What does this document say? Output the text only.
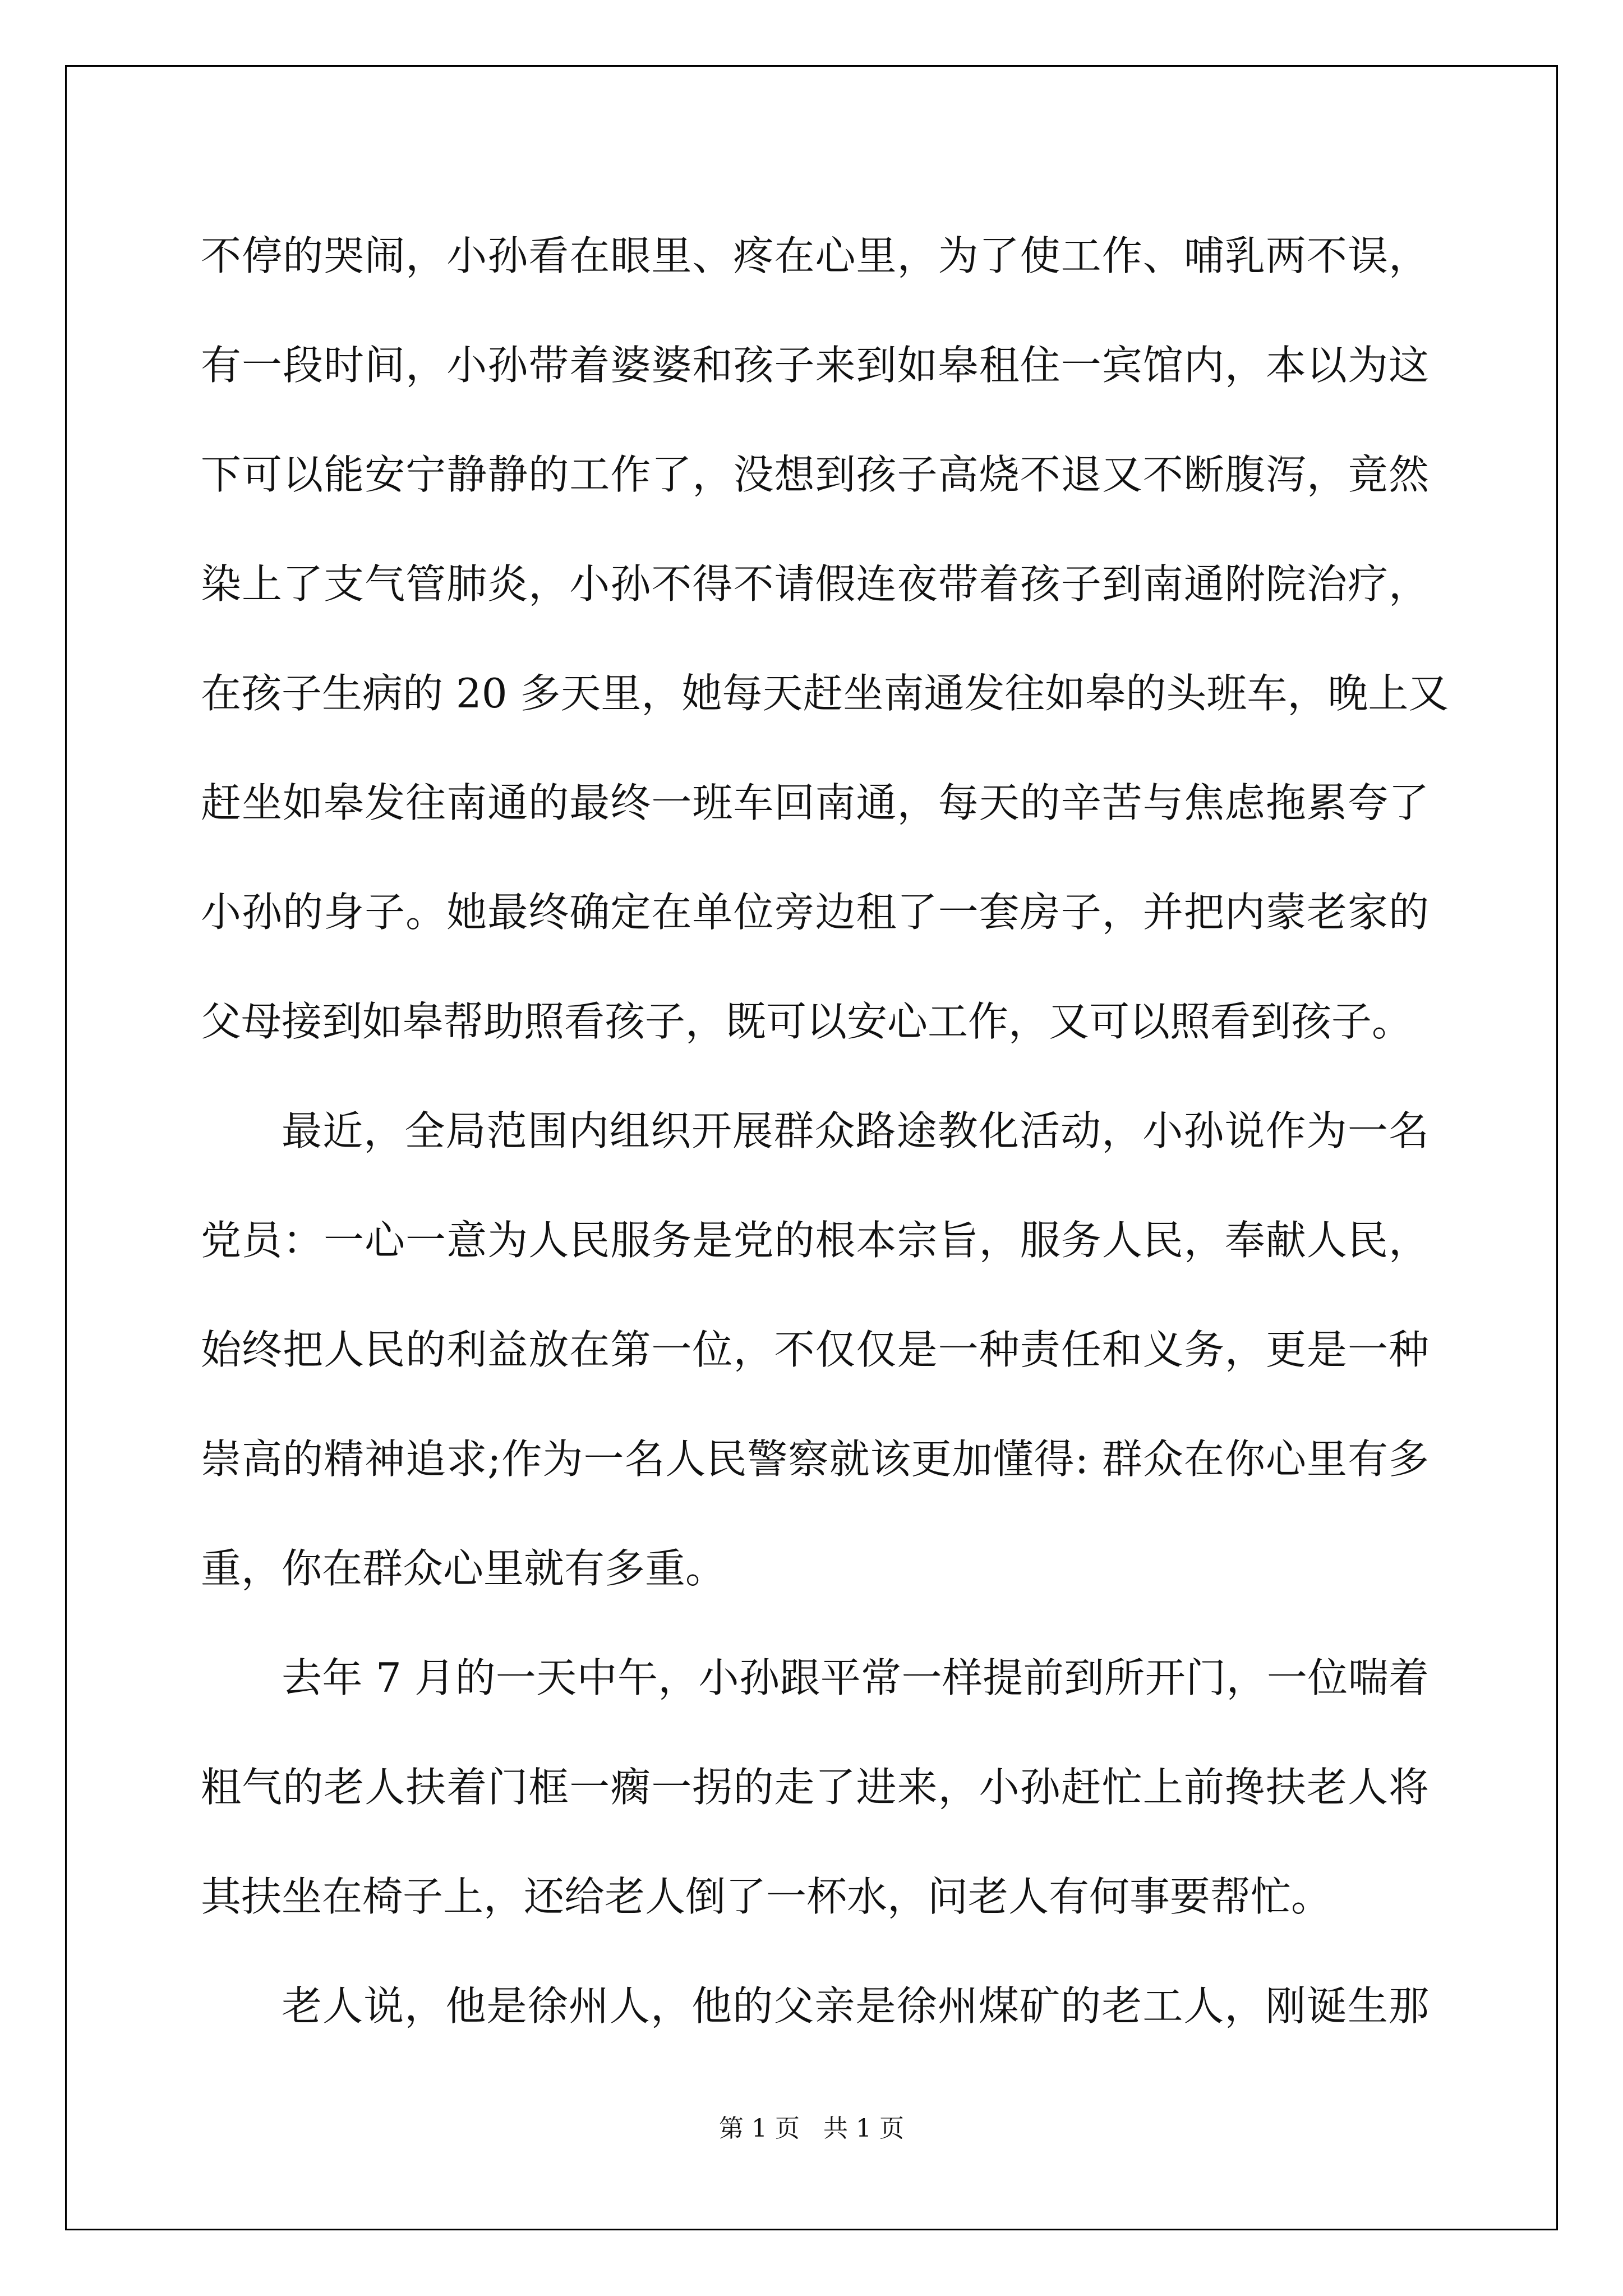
不停的哭闹，小孙看在眼里、疼在心里，为了使工作、哺乳两不误，
有一段时间，小孙带着婆婆和孩子来到如皋租住一宾馆内，本以为这
下可以能安宁静静的工作了，没想到孩子高烧不退又不断腹泻，竟然
染上了支气管肺炎，小孙不得不请假连夜带着孩子到南通附院治疗，
在孩子生病的 20 多天里，她每天赶坐南通发往如皋的头班车，晚上又
赶坐如皋发往南通的最终一班车回南通，每天的辛苦与焦虑拖累夸了
小孙的身子。她最终确定在单位旁边租了一套房子，并把内蒙老家的
父母接到如皋帮助照看孩子，既可以安心工作，又可以照看到孩子。
最近，全局范围内组织开展群众路途教化活动，小孙说作为一名
党员：一心一意为人民服务是党的根本宗旨，服务人民，奉献人民，
始终把人民的利益放在第一位，不仅仅是一种责任和义务，更是一种
崇高的精神追求;作为一名人民警察就该更加懂得: 群众在你心里有多
重，你在群众心里就有多重。
去年 7 月的一天中午，小孙跟平常一样提前到所开门，一位喘着
粗气的老人扶着门框一瘸一拐的走了进来，小孙赶忙上前搀扶老人将
其扶坐在椅子上，还给老人倒了一杯水，问老人有何事要帮忙。
老人说，他是徐州人，他的父亲是徐州煤矿的老工人，刚诞生那
第 1 页   共 1 页
